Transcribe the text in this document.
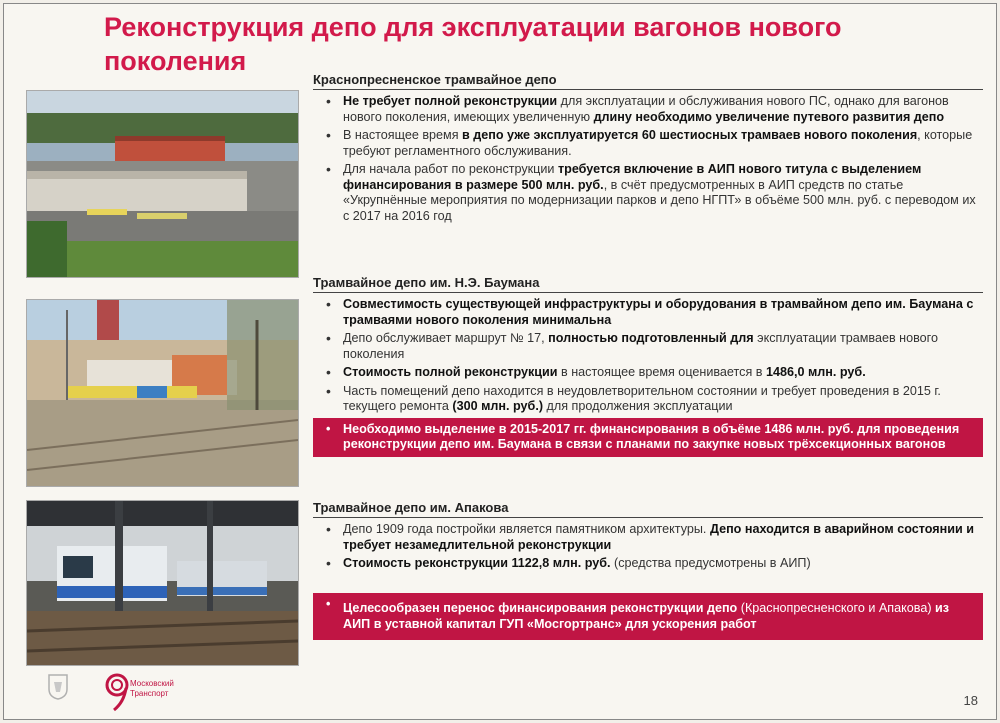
Реконструкция депо для эксплуатации вагонов нового поколения
Краснопресненское трамвайное депо
• Не требует полной реконструкции для эксплуатации и обслуживания нового ПС, однако для вагонов нового поколения, имеющих увеличенную длину необходимо увеличение путевого развития депо
• В настоящее время в депо уже эксплуатируется 60 шестиосных трамваев нового поколения, которые требуют регламентного обслуживания.
• Для начала работ по реконструкции требуется включение в АИП нового титула с выделением финансирования в размере 500 млн. руб., в счёт предусмотренных в АИП средств по статье «Укрупнённые мероприятия по модернизации парков и депо НГПТ» в объёме 500 млн. руб. с переводом их с 2017 на 2016 год
Трамвайное депо им. Н.Э. Баумана
• Совместимость существующей инфраструктуры и оборудования в трамвайном депо им. Баумана с трамваями нового поколения минимальна
• Депо обслуживает маршрут № 17, полностью подготовленный для эксплуатации трамваев нового поколения
• Стоимость полной реконструкции в настоящее время оценивается в 1486,0 млн. руб.
• Часть помещений депо находится в неудовлетворительном состоянии и требует проведения в 2015 г. текущего ремонта (300 млн. руб.) для продолжения эксплуатации
• Необходимо выделение в 2015-2017 гг. финансирования в объёме 1486 млн. руб. для проведения реконструкции депо им. Баумана в связи с планами по закупке новых трёхсекционных вагонов
Трамвайное депо им. Апакова
• Депо 1909 года постройки является памятником архитектуры. Депо находится в аварийном состоянии и требует незамедлительной реконструкции
• Стоимость реконструкции 1122,8 млн. руб. (средства предусмотрены в АИП)
• Целесообразен перенос финансирования реконструкции депо (Краснопресненского и Апакова) из АИП в уставной капитал ГУП «Мосгортранс» для ускорения работ
Московский
Транспорт	18
